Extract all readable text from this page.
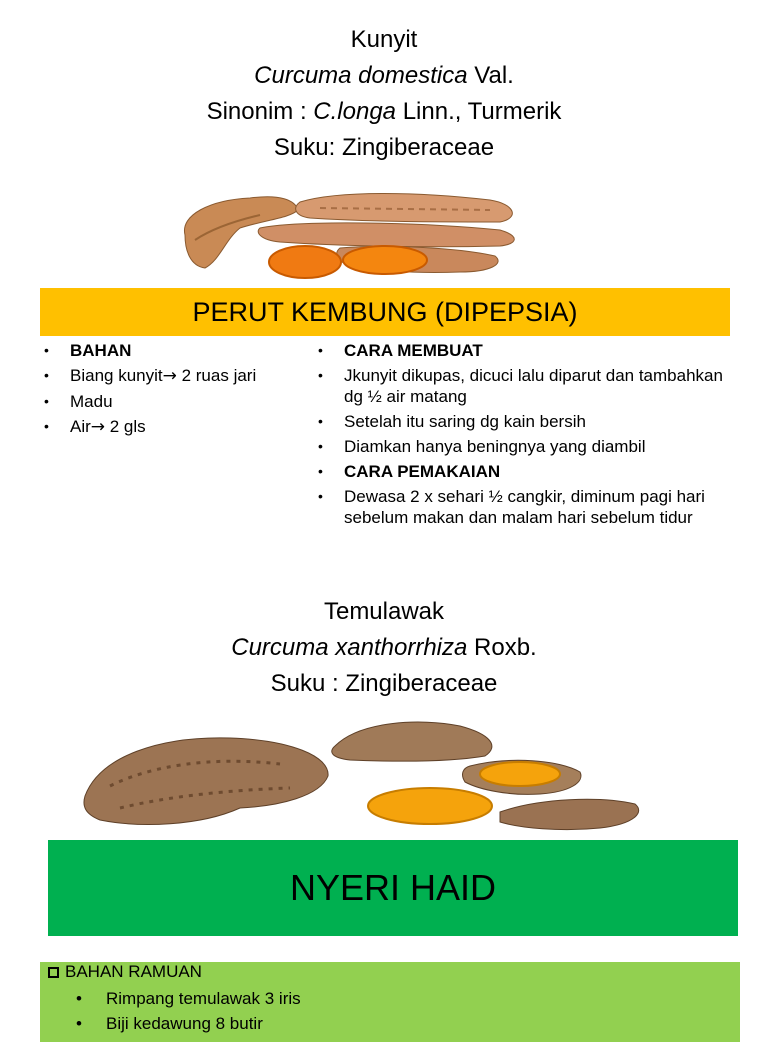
Kunyit
Curcuma domestica Val.
Sinonim : C.longa Linn., Turmerik
Suku: Zingiberaceae
PERUT KEMBUNG (DIPEPSIA)
• BAHAN
• Biang kunyit→ 2 ruas jari
• Madu
• Air→ 2 gls
• CARA MEMBUAT
• Jkunyit dikupas, dicuci lalu diparut dan tambahkan dg ½ air matang
• Setelah itu saring dg kain bersih
• Diamkan hanya beningnya yang diambil
• CARA PEMAKAIAN
• Dewasa 2 x sehari ½ cangkir, diminum pagi hari sebelum makan dan malam hari sebelum tidur
Temulawak
Curcuma xanthorrhiza Roxb.
Suku : Zingiberaceae
NYERI HAID
BAHAN RAMUAN
• Rimpang temulawak 3 iris
• Biji kedawung 8 butir
